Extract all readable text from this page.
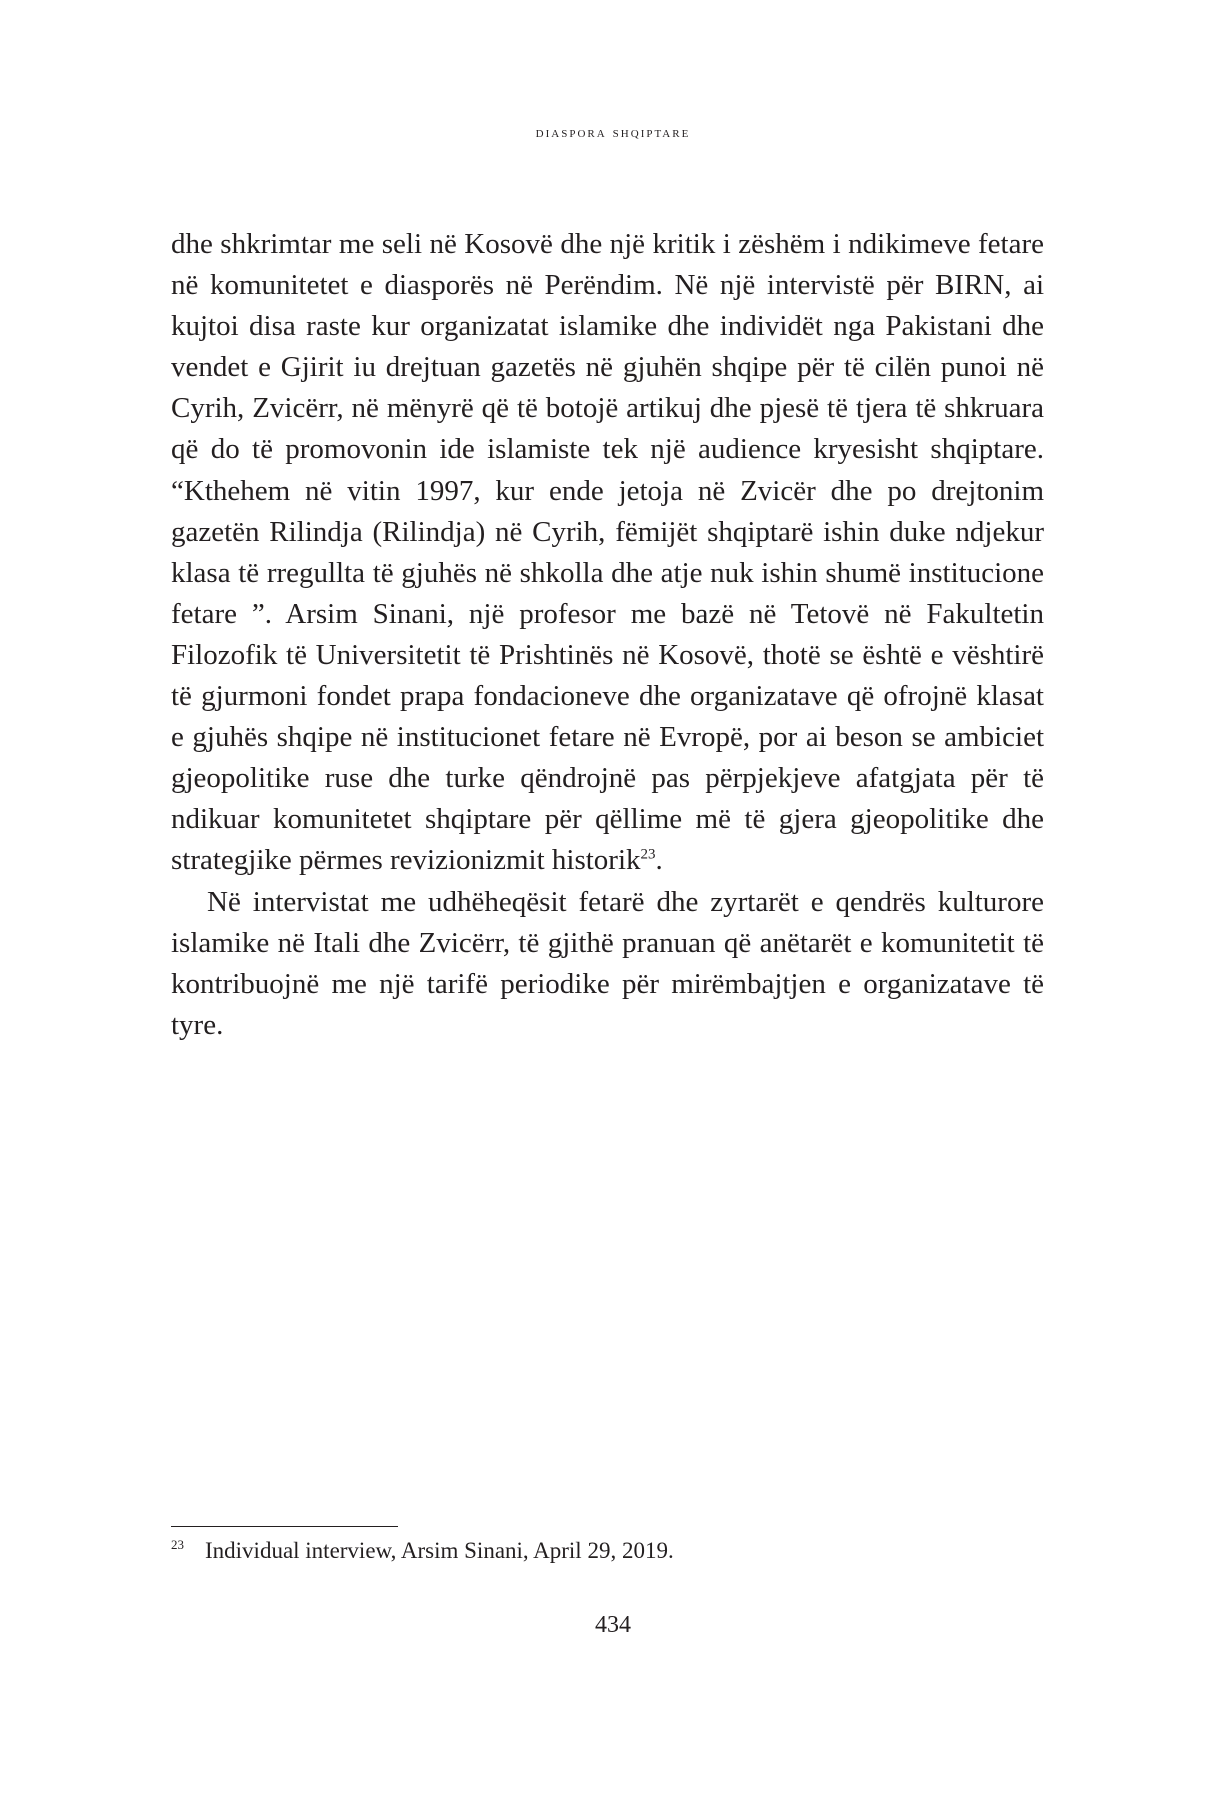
diaspora shqiptare

dhe shkrimtar me seli në Kosovë dhe një kritik i zëshëm i ndikimeve fetare në komunitetet e diasporës në Perëndim. Në një intervistë për BIRN, ai kujtoi disa raste kur organizatat islamike dhe individët nga Pakistani dhe vendet e Gjirit iu drejtuan gazetës në gjuhën shqipe për të cilën punoi në Cyrih, Zvicërr, në mënyrë që të botojë artikuj dhe pjesë të tjera të shkruara që do të promovonin ide islamiste tek një audience kryesisht shqiptare. “Kthehem në vitin 1997, kur ende jetoja në Zvicër dhe po drejtonim gazetën Rilindja (Rilindja) në Cyrih, fëmijët shqiptarë ishin duke ndjekur klasa të rregullta të gjuhës në shkolla dhe atje nuk ishin shumë institucione fetare ”. Arsim Sinani, një profesor me bazë në Tetovë në Fakultetin Filozofik të Universitetit të Prishtinës në Kosovë, thotë se është e vështirë të gjurmoni fondet prapa fondacioneve dhe organizatave që ofrojnë klasat e gjuhës shqipe në institucionet fetare në Evropë, por ai beson se ambiciet gjeopolitike ruse dhe turke qëndrojnë pas përpjekjeve afatgjata për të ndikuar komunitetet shqiptare për qëllime më të gjera gjeopolitike dhe strategjike përmes revizionizmit historik$^{23}$.

Në intervistat me udhëheqësit fetarë dhe zyrtarët e qendrës kulturore islamike në Itali dhe Zvicërr, të gjithë pranuan që anëtarët e komunitetit të kontribuojnë me një tarifë periodike për mirëmbajtjen e organizatave të tyre.

23 Individual interview, Arsim Sinani, April 29, 2019.
434
